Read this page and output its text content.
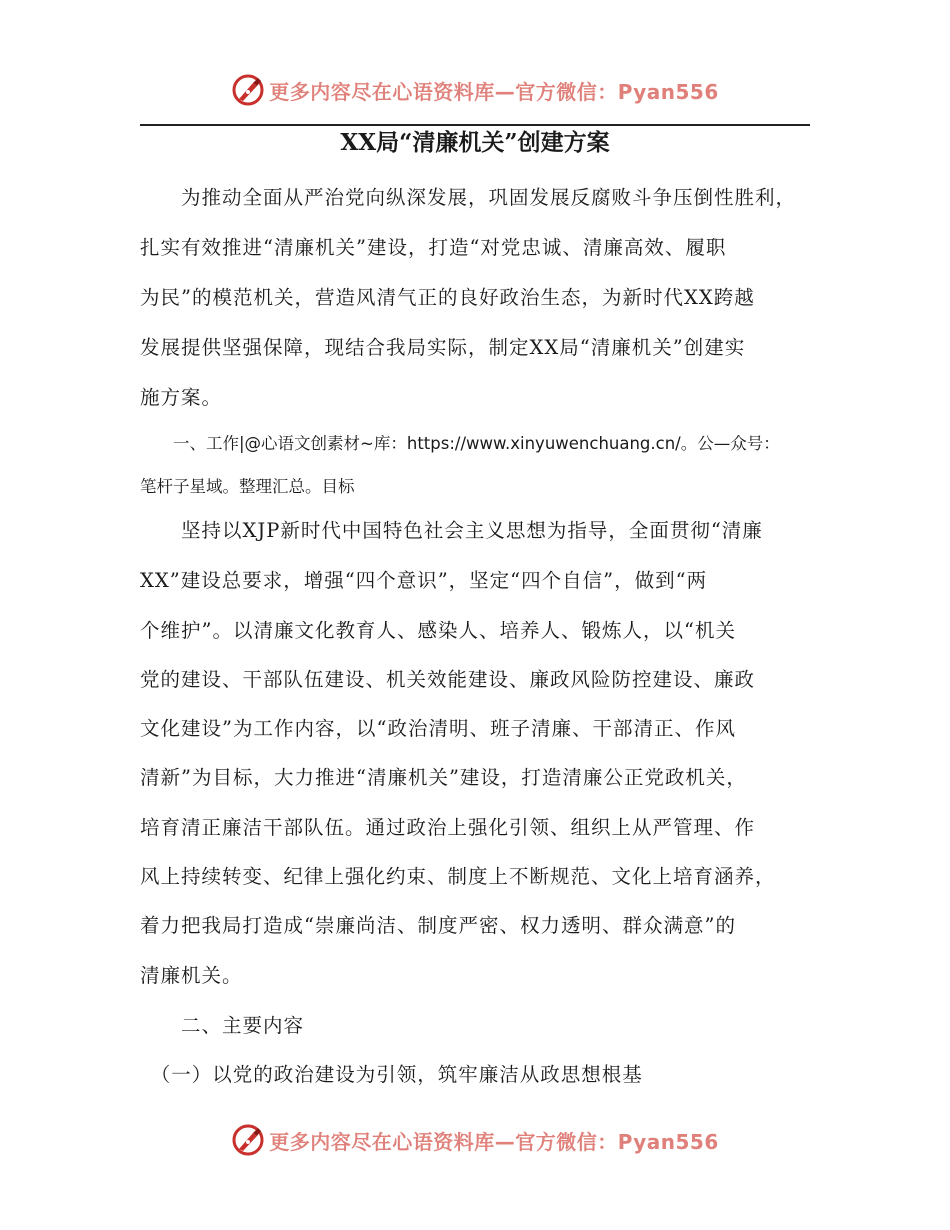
更多内容尽在心语资料库—官方微信：Pyan556
XX局“清廉机关”创建方案
　　为推动全面从严治党向纵深发展，巩固发展反腐败斗争压倒性胜利，
扎实有效推进“清廉机关”建设，打造“对党忠诚、清廉高效、履职
为民”的模范机关，营造风清气正的良好政治生态，为新时代XX跨越
发展提供坚强保障，现结合我局实际，制定XX局“清廉机关”创建实
施方案。
　　一、工作|@心语文创素材~库：https://www.xinyuwenchuang.cn/。公—众号：
笔杆子星域。整理汇总。目标
　　坚持以XJP新时代中国特色社会主义思想为指导，全面贯彻“清廉
XX”建设总要求，增强“四个意识”，坚定“四个自信”，做到“两
个维护”。以清廉文化教育人、感染人、培养人、锻炼人，以“机关
党的建设、干部队伍建设、机关效能建设、廉政风险防控建设、廉政
文化建设”为工作内容，以“政治清明、班子清廉、干部清正、作风
清新”为目标，大力推进“清廉机关”建设，打造清廉公正党政机关，
培育清正廉洁干部队伍。通过政治上强化引领、组织上从严管理、作
风上持续转变、纪律上强化约束、制度上不断规范、文化上培育涵养，
着力把我局打造成“崇廉尚洁、制度严密、权力透明、群众满意”的
清廉机关。
　　二、主要内容
　（一）以党的政治建设为引领，筑牢廉洁从政思想根基
更多内容尽在心语资料库—官方微信：Pyan556
